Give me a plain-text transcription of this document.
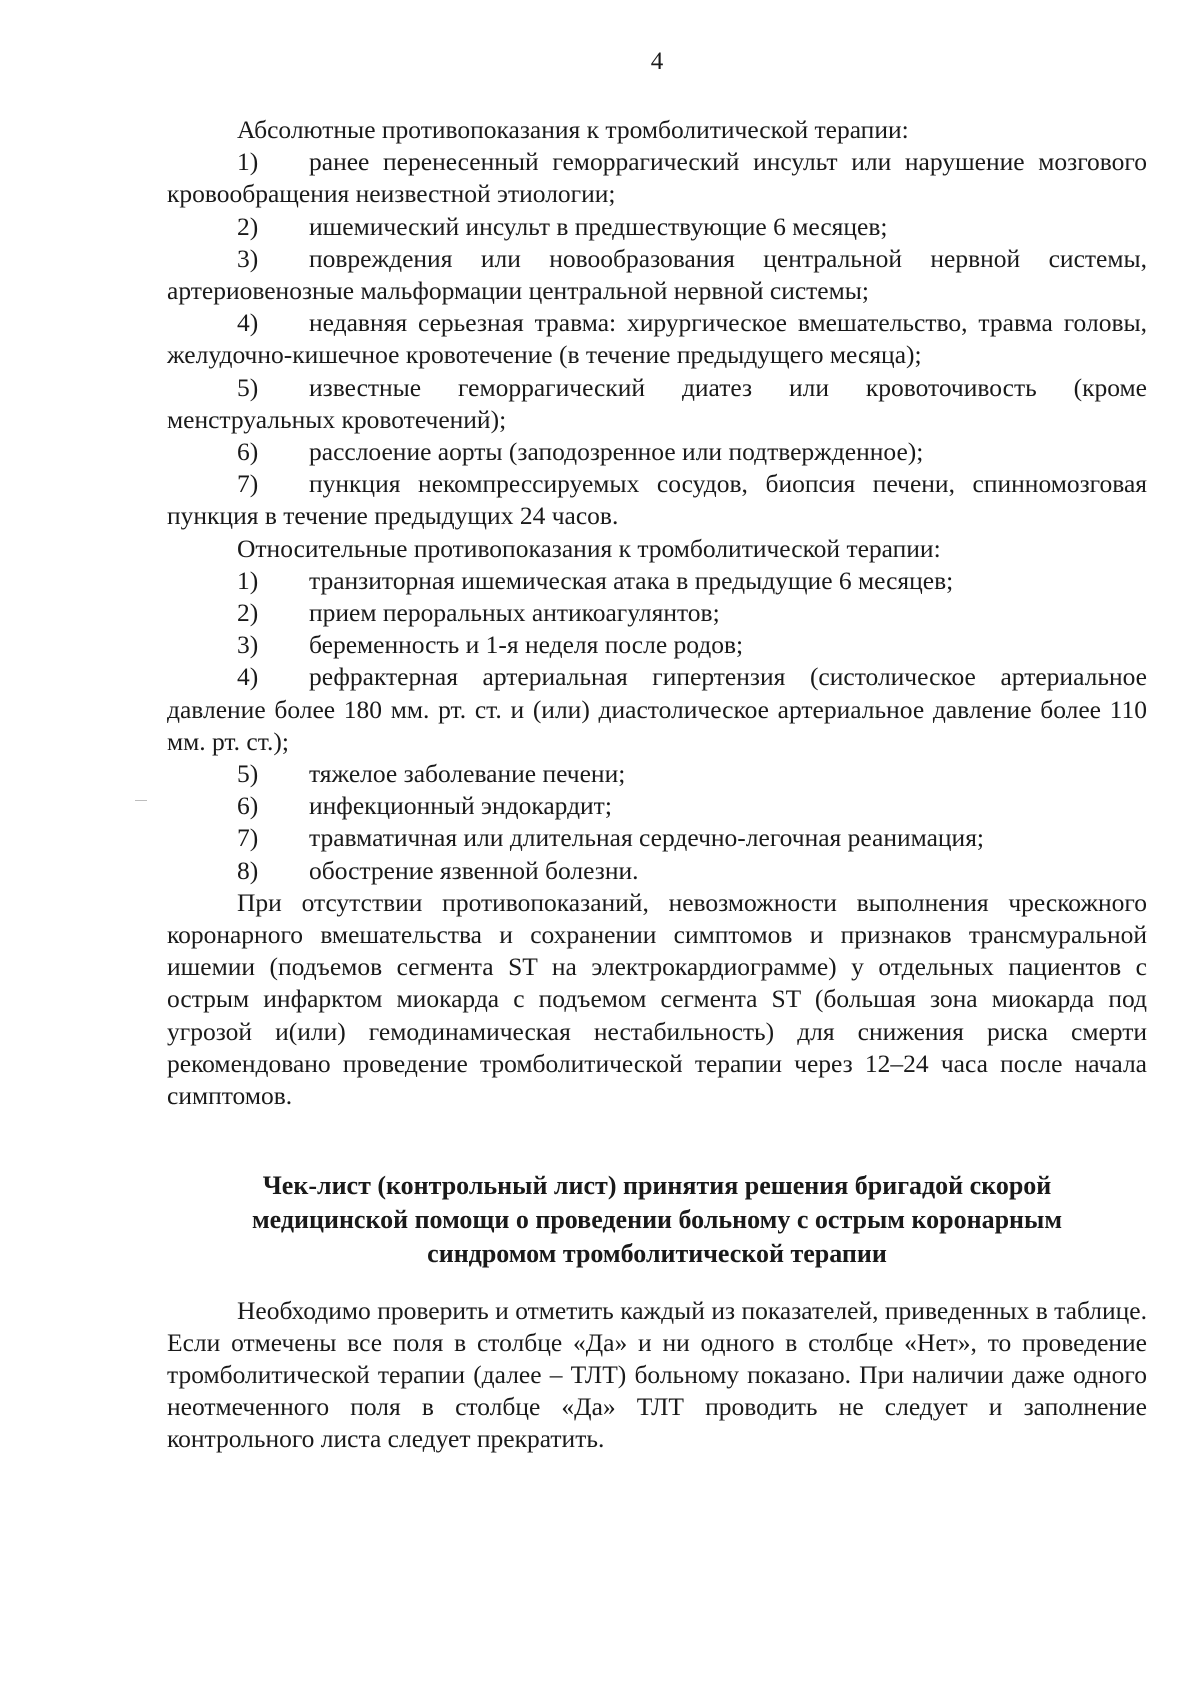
4

Абсолютные противопоказания к тромболитической терапии:

1) ранее перенесенный геморрагический инсульт или нарушение мозгового кровообращения неизвестной этиологии;

2) ишемический инсульт в предшествующие 6 месяцев;

3) повреждения или новообразования центральной нервной системы, артериовенозные мальформации центральной нервной системы;

4) недавняя серьезная травма: хирургическое вмешательство, травма головы, желудочно-кишечное кровотечение (в течение предыдущего месяца);

5) известные геморрагический диатез или кровоточивость (кроме менструальных кровотечений);

6) расслоение аорты (заподозренное или подтвержденное);

7) пункция некомпрессируемых сосудов, биопсия печени, спинномозговая пункция в течение предыдущих 24 часов.

Относительные противопоказания к тромболитической терапии:

1) транзиторная ишемическая атака в предыдущие 6 месяцев;

2) прием пероральных антикоагулянтов;

3) беременность и 1-я неделя после родов;

4) рефрактерная артериальная гипертензия (систолическое артериальное давление более 180 мм. рт. ст. и (или) диастолическое артериальное давление более 110 мм. рт. ст.);

5) тяжелое заболевание печени;

6) инфекционный эндокардит;

7) травматичная или длительная сердечно-легочная реанимация;

8) обострение язвенной болезни.

При отсутствии противопоказаний, невозможности выполнения чрескожного коронарного вмешательства и сохранении симптомов и признаков трансмуральной ишемии (подъемов сегмента ST на электрокардиограмме) у отдельных пациентов с острым инфарктом миокарда с подъемом сегмента ST (большая зона миокарда под угрозой и(или) гемодинамическая нестабильность) для снижения риска смерти рекомендовано проведение тромболитической терапии через 12–24 часа после начала симптомов.

Чек-лист (контрольный лист) принятия решения бригадой скорой медицинской помощи о проведении больному с острым коронарным синдромом тромболитической терапии

Необходимо проверить и отметить каждый из показателей, приведенных в таблице. Если отмечены все поля в столбце «Да» и ни одного в столбце «Нет», то проведение тромболитической терапии (далее – ТЛТ) больному показано. При наличии даже одного неотмеченного поля в столбце «Да» ТЛТ проводить не следует и заполнение контрольного листа следует прекратить.
